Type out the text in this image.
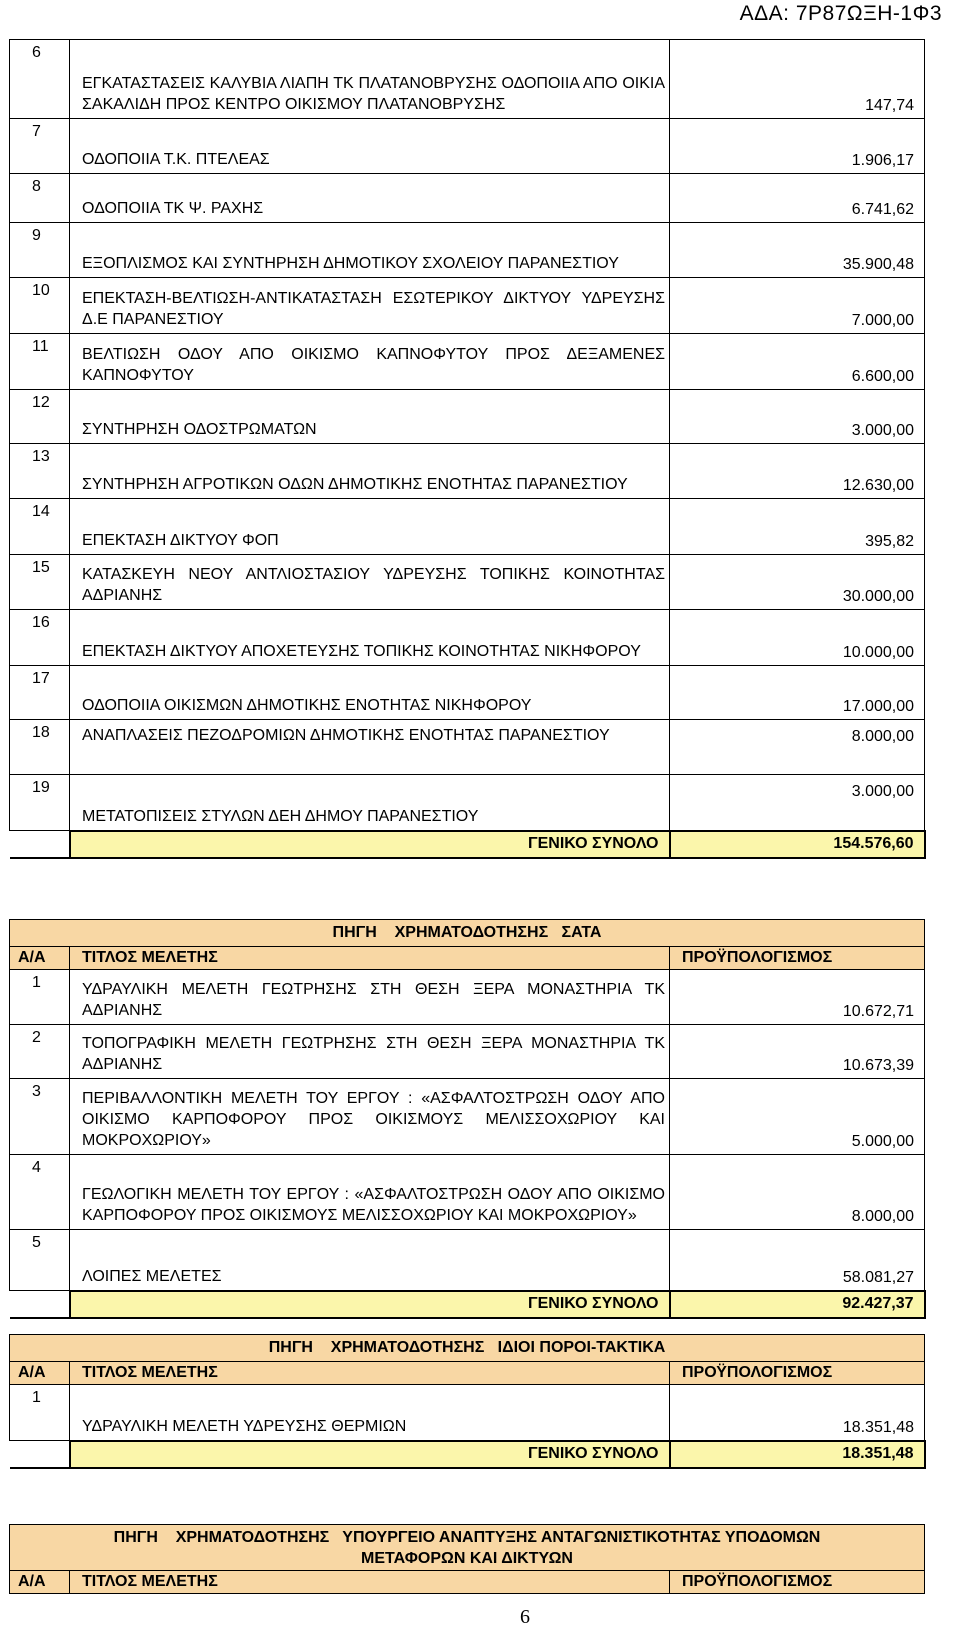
ΑΔΑ: 7Ρ87ΩΞΗ-1Φ3
6	ΕΓΚΑΤΑΣΤΑΣΕΙΣ ΚΑΛΥΒΙΑ ΛΙΑΠΗ ΤΚ ΠΛΑΤΑΝΟΒΡΥΣΗΣ ΟΔΟΠΟΙΙΑ ΑΠΟ ΟΙΚΙΑ ΣΑΚΑΛΙΔΗ ΠΡΟΣ ΚΕΝΤΡΟ ΟΙΚΙΣΜΟΥ ΠΛΑΤΑΝΟΒΡΥΣΗΣ	147,74
7	ΟΔΟΠΟΙΙΑ Τ.Κ. ΠΤΕΛΕΑΣ	1.906,17
8	ΟΔΟΠΟΙΙΑ ΤΚ Ψ. ΡΑΧΗΣ	6.741,62
9	ΕΞΟΠΛΙΣΜΟΣ ΚΑΙ ΣΥΝΤΗΡΗΣΗ ΔΗΜΟΤΙΚΟΥ ΣΧΟΛΕΙΟΥ ΠΑΡΑΝΕΣΤΙΟΥ	35.900,48
10	ΕΠΕΚΤΑΣΗ-ΒΕΛΤΙΩΣΗ-ΑΝΤΙΚΑΤΑΣΤΑΣΗ ΕΣΩΤΕΡΙΚΟΥ ΔΙΚΤΥΟΥ ΥΔΡΕΥΣΗΣ Δ.Ε ΠΑΡΑΝΕΣΤΙΟΥ	7.000,00
11	ΒΕΛΤΙΩΣΗ ΟΔΟΥ ΑΠΟ ΟΙΚΙΣΜΟ ΚΑΠΝΟΦΥΤΟΥ ΠΡΟΣ ΔΕΞΑΜΕΝΕΣ ΚΑΠΝΟΦΥΤΟΥ	6.600,00
12	ΣΥΝΤΗΡΗΣΗ ΟΔΟΣΤΡΩΜΑΤΩΝ	3.000,00
13	ΣΥΝΤΗΡΗΣΗ ΑΓΡΟΤΙΚΩΝ ΟΔΩΝ ΔΗΜΟΤΙΚΗΣ ΕΝΟΤΗΤΑΣ ΠΑΡΑΝΕΣΤΙΟΥ	12.630,00
14	ΕΠΕΚΤΑΣΗ ΔΙΚΤΥΟΥ ΦΟΠ	395,82
15	ΚΑΤΑΣΚΕΥΗ ΝΕΟΥ ΑΝΤΛΙΟΣΤΑΣΙΟΥ ΥΔΡΕΥΣΗΣ ΤΟΠΙΚΗΣ ΚΟΙΝΟΤΗΤΑΣ ΑΔΡΙΑΝΗΣ	30.000,00
16	ΕΠΕΚΤΑΣΗ ΔΙΚΤΥΟΥ ΑΠΟΧΕΤΕΥΣΗΣ ΤΟΠΙΚΗΣ ΚΟΙΝΟΤΗΤΑΣ ΝΙΚΗΦΟΡΟΥ	10.000,00
17	ΟΔΟΠΟΙΙΑ ΟΙΚΙΣΜΩΝ ΔΗΜΟΤΙΚΗΣ ΕΝΟΤΗΤΑΣ ΝΙΚΗΦΟΡΟΥ	17.000,00
18	ΑΝΑΠΛΑΣΕΙΣ ΠΕΖΟΔΡΟΜΙΩΝ ΔΗΜΟΤΙΚΗΣ ΕΝΟΤΗΤΑΣ ΠΑΡΑΝΕΣΤΙΟΥ	8.000,00
19	ΜΕΤΑΤΟΠΙΣΕΙΣ ΣΤΥΛΩΝ ΔΕΗ ΔΗΜΟΥ ΠΑΡΑΝΕΣΤΙΟΥ	3.000,00
	ΓΕΝΙΚΟ ΣΥΝΟΛΟ	154.576,60
ΠΗΓΗ    ΧΡΗΜΑΤΟΔΟΤΗΣΗΣ   ΣΑΤΑ		
Α/Α	ΤΙΤΛΟΣ ΜΕΛΕΤΗΣ	ΠΡΟΫΠΟΛΟΓΙΣΜΟΣ
1	ΥΔΡΑΥΛΙΚΗ ΜΕΛΕΤΗ ΓΕΩΤΡΗΣΗΣ ΣΤΗ ΘΕΣΗ ΞΕΡΑ ΜΟΝΑΣΤΗΡΙΑ ΤΚ ΑΔΡΙΑΝΗΣ	10.672,71
2	ΤΟΠΟΓΡΑΦΙΚΗ ΜΕΛΕΤΗ ΓΕΩΤΡΗΣΗΣ ΣΤΗ ΘΕΣΗ ΞΕΡΑ ΜΟΝΑΣΤΗΡΙΑ ΤΚ ΑΔΡΙΑΝΗΣ	10.673,39
3	ΠΕΡΙΒΑΛΛΟΝΤΙΚΗ ΜΕΛΕΤΗ ΤΟΥ ΕΡΓΟΥ : «ΑΣΦΑΛΤΟΣΤΡΩΣΗ ΟΔΟΥ ΑΠΟ ΟΙΚΙΣΜΟ ΚΑΡΠΟΦΟΡΟΥ ΠΡΟΣ ΟΙΚΙΣΜΟΥΣ ΜΕΛΙΣΣΟΧΩΡΙΟΥ ΚΑΙ ΜΟΚΡΟΧΩΡΙΟΥ»	5.000,00
4	ΓΕΩΛΟΓΙΚΗ ΜΕΛΕΤΗ ΤΟΥ ΕΡΓΟΥ : «ΑΣΦΑΛΤΟΣΤΡΩΣΗ ΟΔΟΥ ΑΠΟ ΟΙΚΙΣΜΟ ΚΑΡΠΟΦΟΡΟΥ ΠΡΟΣ ΟΙΚΙΣΜΟΥΣ ΜΕΛΙΣΣΟΧΩΡΙΟΥ ΚΑΙ ΜΟΚΡΟΧΩΡΙΟΥ»	8.000,00
5	ΛΟΙΠΕΣ ΜΕΛΕΤΕΣ	58.081,27
	ΓΕΝΙΚΟ ΣΥΝΟΛΟ	92.427,37
ΠΗΓΗ    ΧΡΗΜΑΤΟΔΟΤΗΣΗΣ   ΙΔΙΟΙ ΠΟΡΟΙ-ΤΑΚΤΙΚΑ		
Α/Α	ΤΙΤΛΟΣ ΜΕΛΕΤΗΣ	ΠΡΟΫΠΟΛΟΓΙΣΜΟΣ
1	ΥΔΡΑΥΛΙΚΗ ΜΕΛΕΤΗ ΥΔΡΕΥΣΗΣ ΘΕΡΜΙΩΝ	18.351,48
	ΓΕΝΙΚΟ ΣΥΝΟΛΟ	18.351,48
ΠΗΓΗ    ΧΡΗΜΑΤΟΔΟΤΗΣΗΣ   ΥΠΟΥΡΓΕΙΟ ΑΝΑΠΤΥΞΗΣ ΑΝΤΑΓΩΝΙΣΤΙΚΟΤΗΤΑΣ ΥΠΟΔΟΜΩΝ
ΜΕΤΑΦΟΡΩΝ ΚΑΙ ΔΙΚΤΥΩΝ

Α/Α	ΤΙΤΛΟΣ ΜΕΛΕΤΗΣ	ΠΡΟΫΠΟΛΟΓΙΣΜΟΣ
6
